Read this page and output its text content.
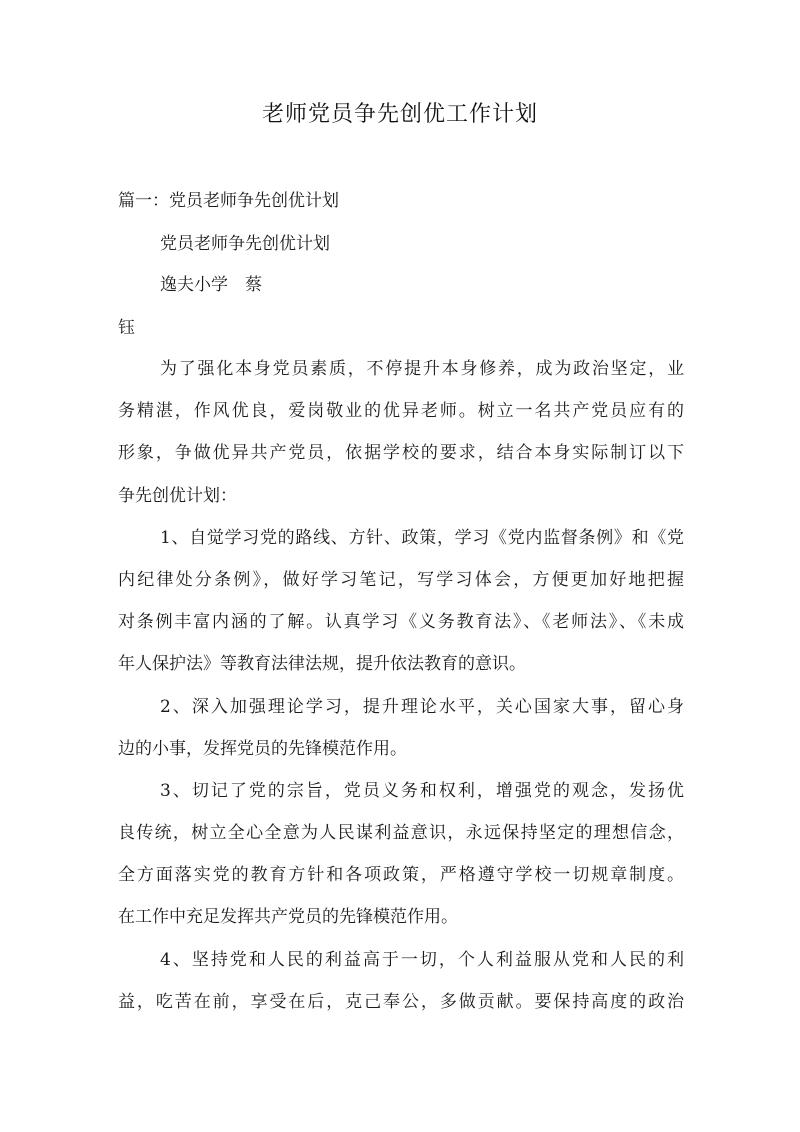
老师党员争先创优工作计划
篇一：党员老师争先创优计划
党员老师争先创优计划
逸夫小学　蔡
钰
为了强化本身党员素质，不停提升本身修养，成为政治坚定，业
务精湛，作风优良，爱岗敬业的优异老师。树立一名共产党员应有的
形象，争做优异共产党员，依据学校的要求，结合本身实际制订以下
争先创优计划：
1、自觉学习党的路线、方针、政策，学习《党内监督条例》和《党
内纪律处分条例》，做好学习笔记，写学习体会，方便更加好地把握
对条例丰富内涵的了解。认真学习《义务教育法》、《老师法》、《未成
年人保护法》等教育法律法规，提升依法教育的意识。
2、深入加强理论学习，提升理论水平，关心国家大事，留心身
边的小事，发挥党员的先锋模范作用。
3、切记了党的宗旨，党员义务和权利，增强党的观念，发扬优
良传统，树立全心全意为人民谋利益意识，永远保持坚定的理想信念，
全方面落实党的教育方针和各项政策，严格遵守学校一切规章制度。
在工作中充足发挥共产党员的先锋模范作用。
4、坚持党和人民的利益高于一切，个人利益服从党和人民的利
益，吃苦在前，享受在后，克己奉公，多做贡献。要保持高度的政治
